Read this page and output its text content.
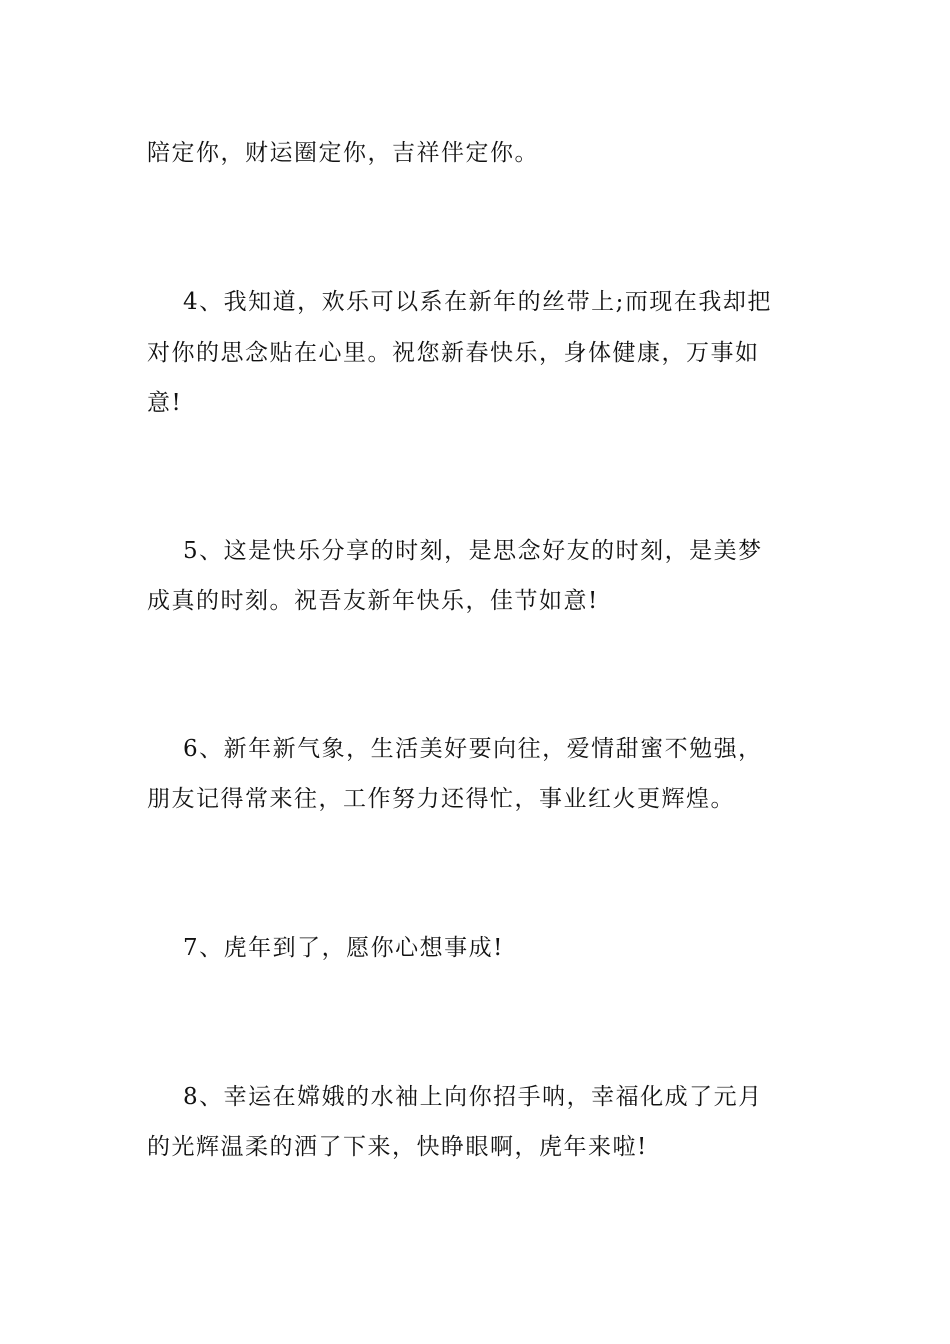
陪定你，财运圈定你，吉祥伴定你。
4、我知道，欢乐可以系在新年的丝带上;而现在我却把
对你的思念贴在心里。祝您新春快乐，身体健康，万事如
意!
5、这是快乐分享的时刻，是思念好友的时刻，是美梦
成真的时刻。祝吾友新年快乐，佳节如意!
6、新年新气象，生活美好要向往，爱情甜蜜不勉强，
朋友记得常来往，工作努力还得忙，事业红火更辉煌。
7、虎年到了，愿你心想事成!
8、幸运在嫦娥的水袖上向你招手呐，幸福化成了元月
的光辉温柔的洒了下来，快睁眼啊，虎年来啦!
